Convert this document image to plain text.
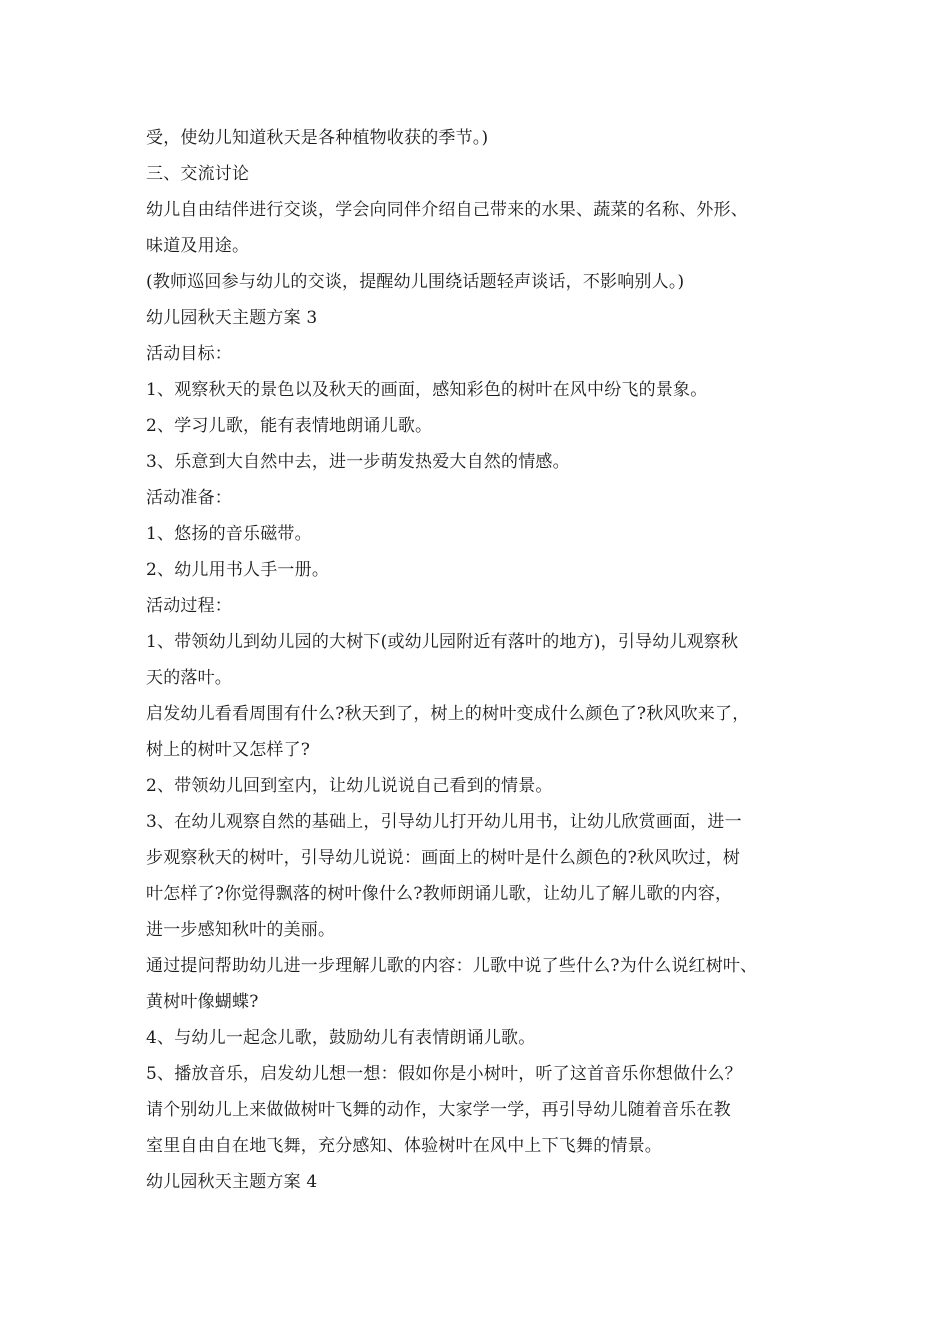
受，使幼儿知道秋天是各种植物收获的季节。)
三、交流讨论
幼儿自由结伴进行交谈，学会向同伴介绍自己带来的水果、蔬菜的名称、外形、
味道及用途。
(教师巡回参与幼儿的交谈，提醒幼儿围绕话题轻声谈话，不影响别人。)
幼儿园秋天主题方案 3
活动目标：
1、观察秋天的景色以及秋天的画面，感知彩色的树叶在风中纷飞的景象。
2、学习儿歌，能有表情地朗诵儿歌。
3、乐意到大自然中去，进一步萌发热爱大自然的情感。
活动准备：
1、悠扬的音乐磁带。
2、幼儿用书人手一册。
活动过程：
1、带领幼儿到幼儿园的大树下(或幼儿园附近有落叶的地方)，引导幼儿观察秋
天的落叶。
启发幼儿看看周围有什么?秋天到了，树上的树叶变成什么颜色了?秋风吹来了，
树上的树叶又怎样了?
2、带领幼儿回到室内，让幼儿说说自己看到的情景。
3、在幼儿观察自然的基础上，引导幼儿打开幼儿用书，让幼儿欣赏画面，进一
步观察秋天的树叶，引导幼儿说说：画面上的树叶是什么颜色的?秋风吹过，树
叶怎样了?你觉得飘落的树叶像什么?教师朗诵儿歌，让幼儿了解儿歌的内容，
进一步感知秋叶的美丽。
通过提问帮助幼儿进一步理解儿歌的内容：儿歌中说了些什么?为什么说红树叶、
黄树叶像蝴蝶?
4、与幼儿一起念儿歌，鼓励幼儿有表情朗诵儿歌。
5、播放音乐，启发幼儿想一想：假如你是小树叶，听了这首音乐你想做什么？
请个别幼儿上来做做树叶飞舞的动作，大家学一学，再引导幼儿随着音乐在教
室里自由自在地飞舞，充分感知、体验树叶在风中上下飞舞的情景。
幼儿园秋天主题方案 4
